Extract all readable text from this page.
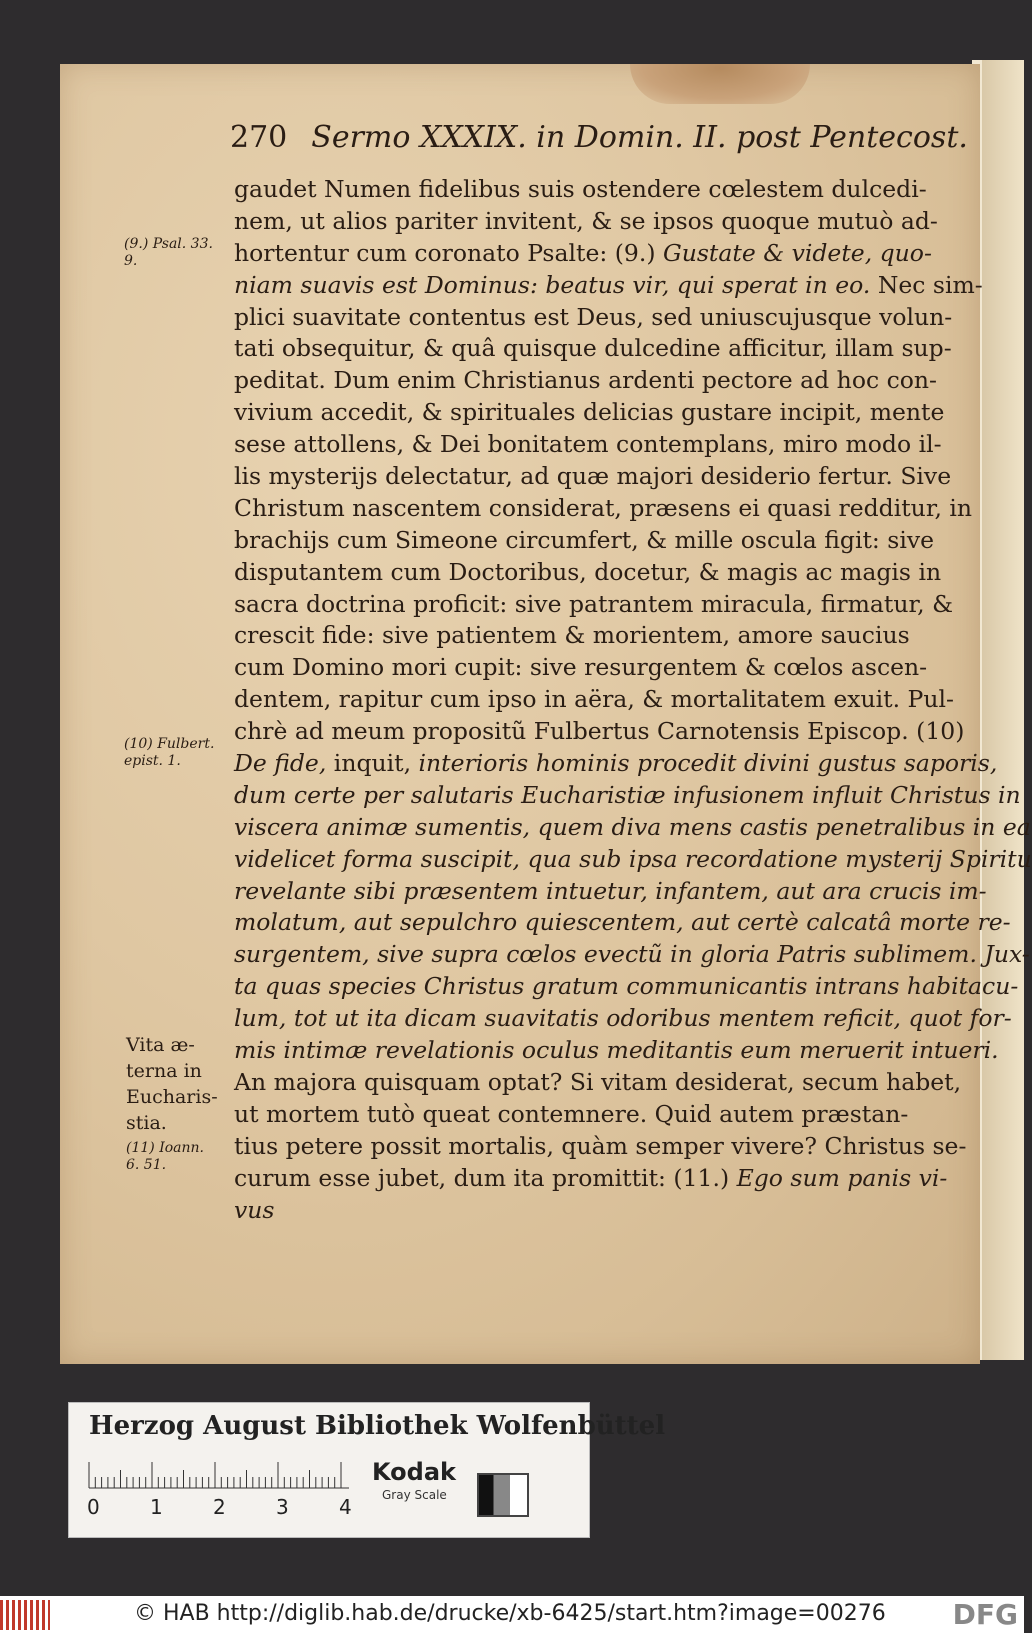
270 Sermo XXXIX. in Domin. II. post Pentecost.
gaudet Numen fidelibus suis ostendere cœlestem dulcedi-
nem, ut alios pariter invitent, & se ipsos quoque mutuò ad-
hortentur cum coronato Psalte: (9.) Gustate & videte, quo-
niam suavis est Dominus: beatus vir, qui sperat in eo. Nec sim-
plici suavitate contentus est Deus, sed uniuscujusque volun-
tati obsequitur, & quâ quisque dulcedine afficitur, illam sup-
peditat. Dum enim Christianus ardenti pectore ad hoc con-
vivium accedit, & spirituales delicias gustare incipit, mente
sese attollens, & Dei bonitatem contemplans, miro modo il-
lis mysterijs delectatur, ad quæ majori desiderio fertur. Sive
Christum nascentem considerat, præsens ei quasi redditur, in
brachijs cum Simeone circumfert, & mille oscula figit: sive
disputantem cum Doctoribus, docetur, & magis ac magis in
sacra doctrina proficit: sive patrantem miracula, firmatur, &
crescit fide: sive patientem & morientem, amore saucius
cum Domino mori cupit: sive resurgentem & cœlos ascen-
dentem, rapitur cum ipso in aëra, & mortalitatem exuit. Pul-
chrè ad meum propositũ Fulbertus Carnotensis Episcop. (10)
De fide, inquit, interioris hominis procedit divini gustus saporis,
dum certe per salutaris Eucharistiæ infusionem influit Christus in
viscera animæ sumentis, quem diva mens castis penetralibus in ea
videlicet forma suscipit, qua sub ipsa recordatione mysterij Spiritu
revelante sibi præsentem intuetur, infantem, aut ara crucis im-
molatum, aut sepulchro quiescentem, aut certè calcatâ morte re-
surgentem, sive supra cœlos evectũ in gloria Patris sublimem. Jux-
ta quas species Christus gratum communicantis intrans habitacu-
lum, tot ut ita dicam suavitatis odoribus mentem reficit, quot for-
mis intimæ revelationis oculus meditantis eum meruerit intueri.
An majora quisquam optat? Si vitam desiderat, secum habet,
ut mortem tutò queat contemnere. Quid autem præstan-
tius petere possit mortalis, quàm semper vivere? Christus se-
curum esse jubet, dum ita promittit: (11.) Ego sum panis vi-
vus
(9.) Psal. 33.
9.
(10) Fulbert.
epist. 1.
Vita æ-
terna in
Eucharis-
stia.
(11) Ioann.
6. 51.
Herzog August Bibliothek Wolfenbüttel
0	1	2	3	4
Kodak
Gray Scale
© HAB http://diglib.hab.de/drucke/xb-6425/start.htm?image=00276 DFG
